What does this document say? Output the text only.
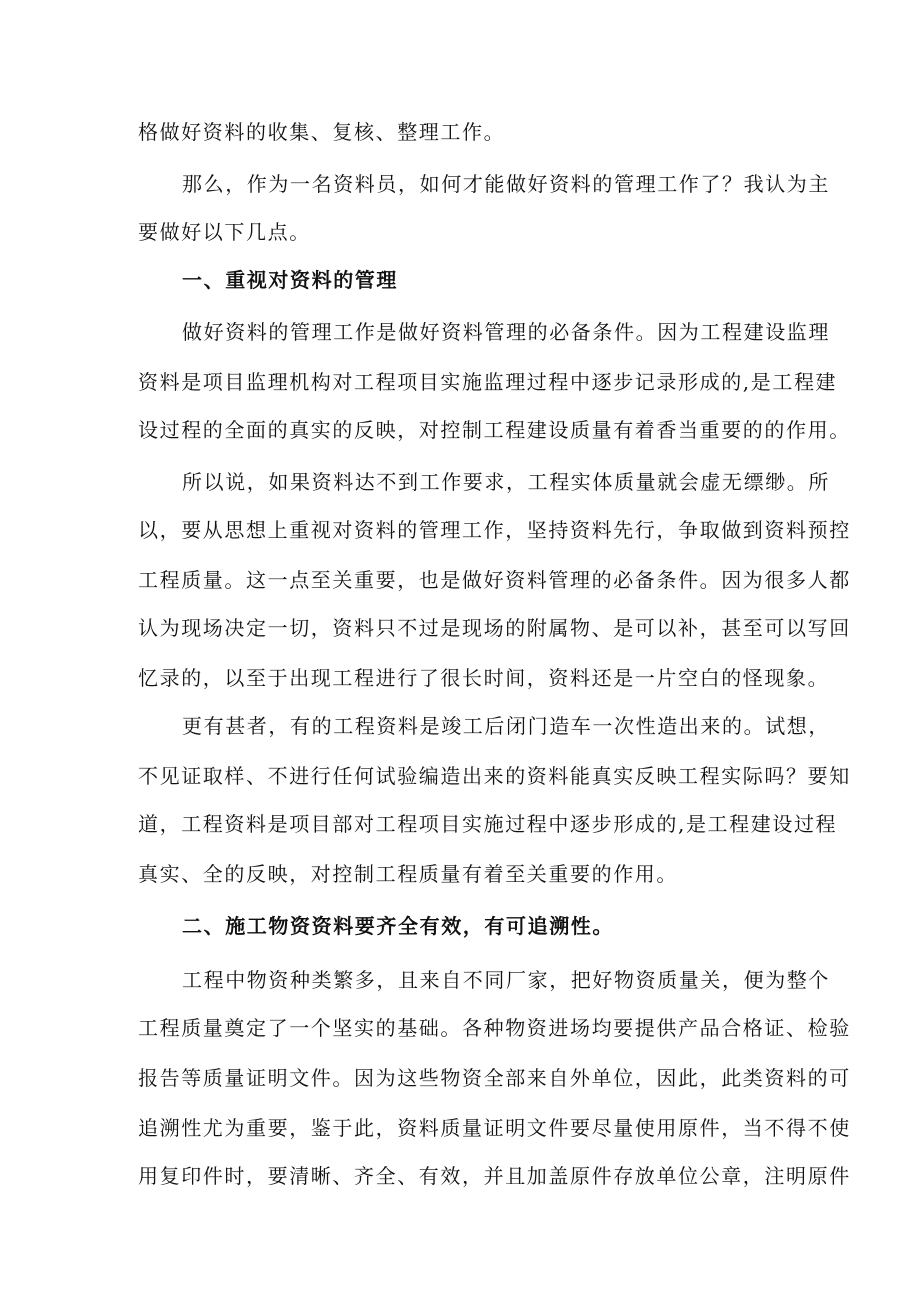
格做好资料的收集、复核、整理工作。
那么，作为一名资料员，如何才能做好资料的管理工作了？我认为主
要做好以下几点。
一、重视对资料的管理
做好资料的管理工作是做好资料管理的必备条件。因为工程建设监理
资料是项目监理机构对工程项目实施监理过程中逐步记录形成的,是工程建
设过程的全面的真实的反映，对控制工程建设质量有着香当重要的的作用。
所以说，如果资料达不到工作要求，工程实体质量就会虚无缥缈。所
以，要从思想上重视对资料的管理工作，坚持资料先行，争取做到资料预控
工程质量。这一点至关重要，也是做好资料管理的必备条件。因为很多人都
认为现场决定一切，资料只不过是现场的附属物、是可以补，甚至可以写回
忆录的，以至于出现工程进行了很长时间，资料还是一片空白的怪现象。
更有甚者，有的工程资料是竣工后闭门造车一次性造出来的。试想，
不见证取样、不进行任何试验编造出来的资料能真实反映工程实际吗？要知
道，工程资料是项目部对工程项目实施过程中逐步形成的,是工程建设过程
真实、全的反映，对控制工程质量有着至关重要的作用。
二、施工物资资料要齐全有效，有可追溯性。
工程中物资种类繁多，且来自不同厂家，把好物资质量关，便为整个
工程质量奠定了一个坚实的基础。各种物资进场均要提供产品合格证、检验
报告等质量证明文件。因为这些物资全部来自外单位，因此，此类资料的可
追溯性尤为重要，鉴于此，资料质量证明文件要尽量使用原件，当不得不使
用复印件时，要清晰、齐全、有效，并且加盖原件存放单位公章，注明原件
